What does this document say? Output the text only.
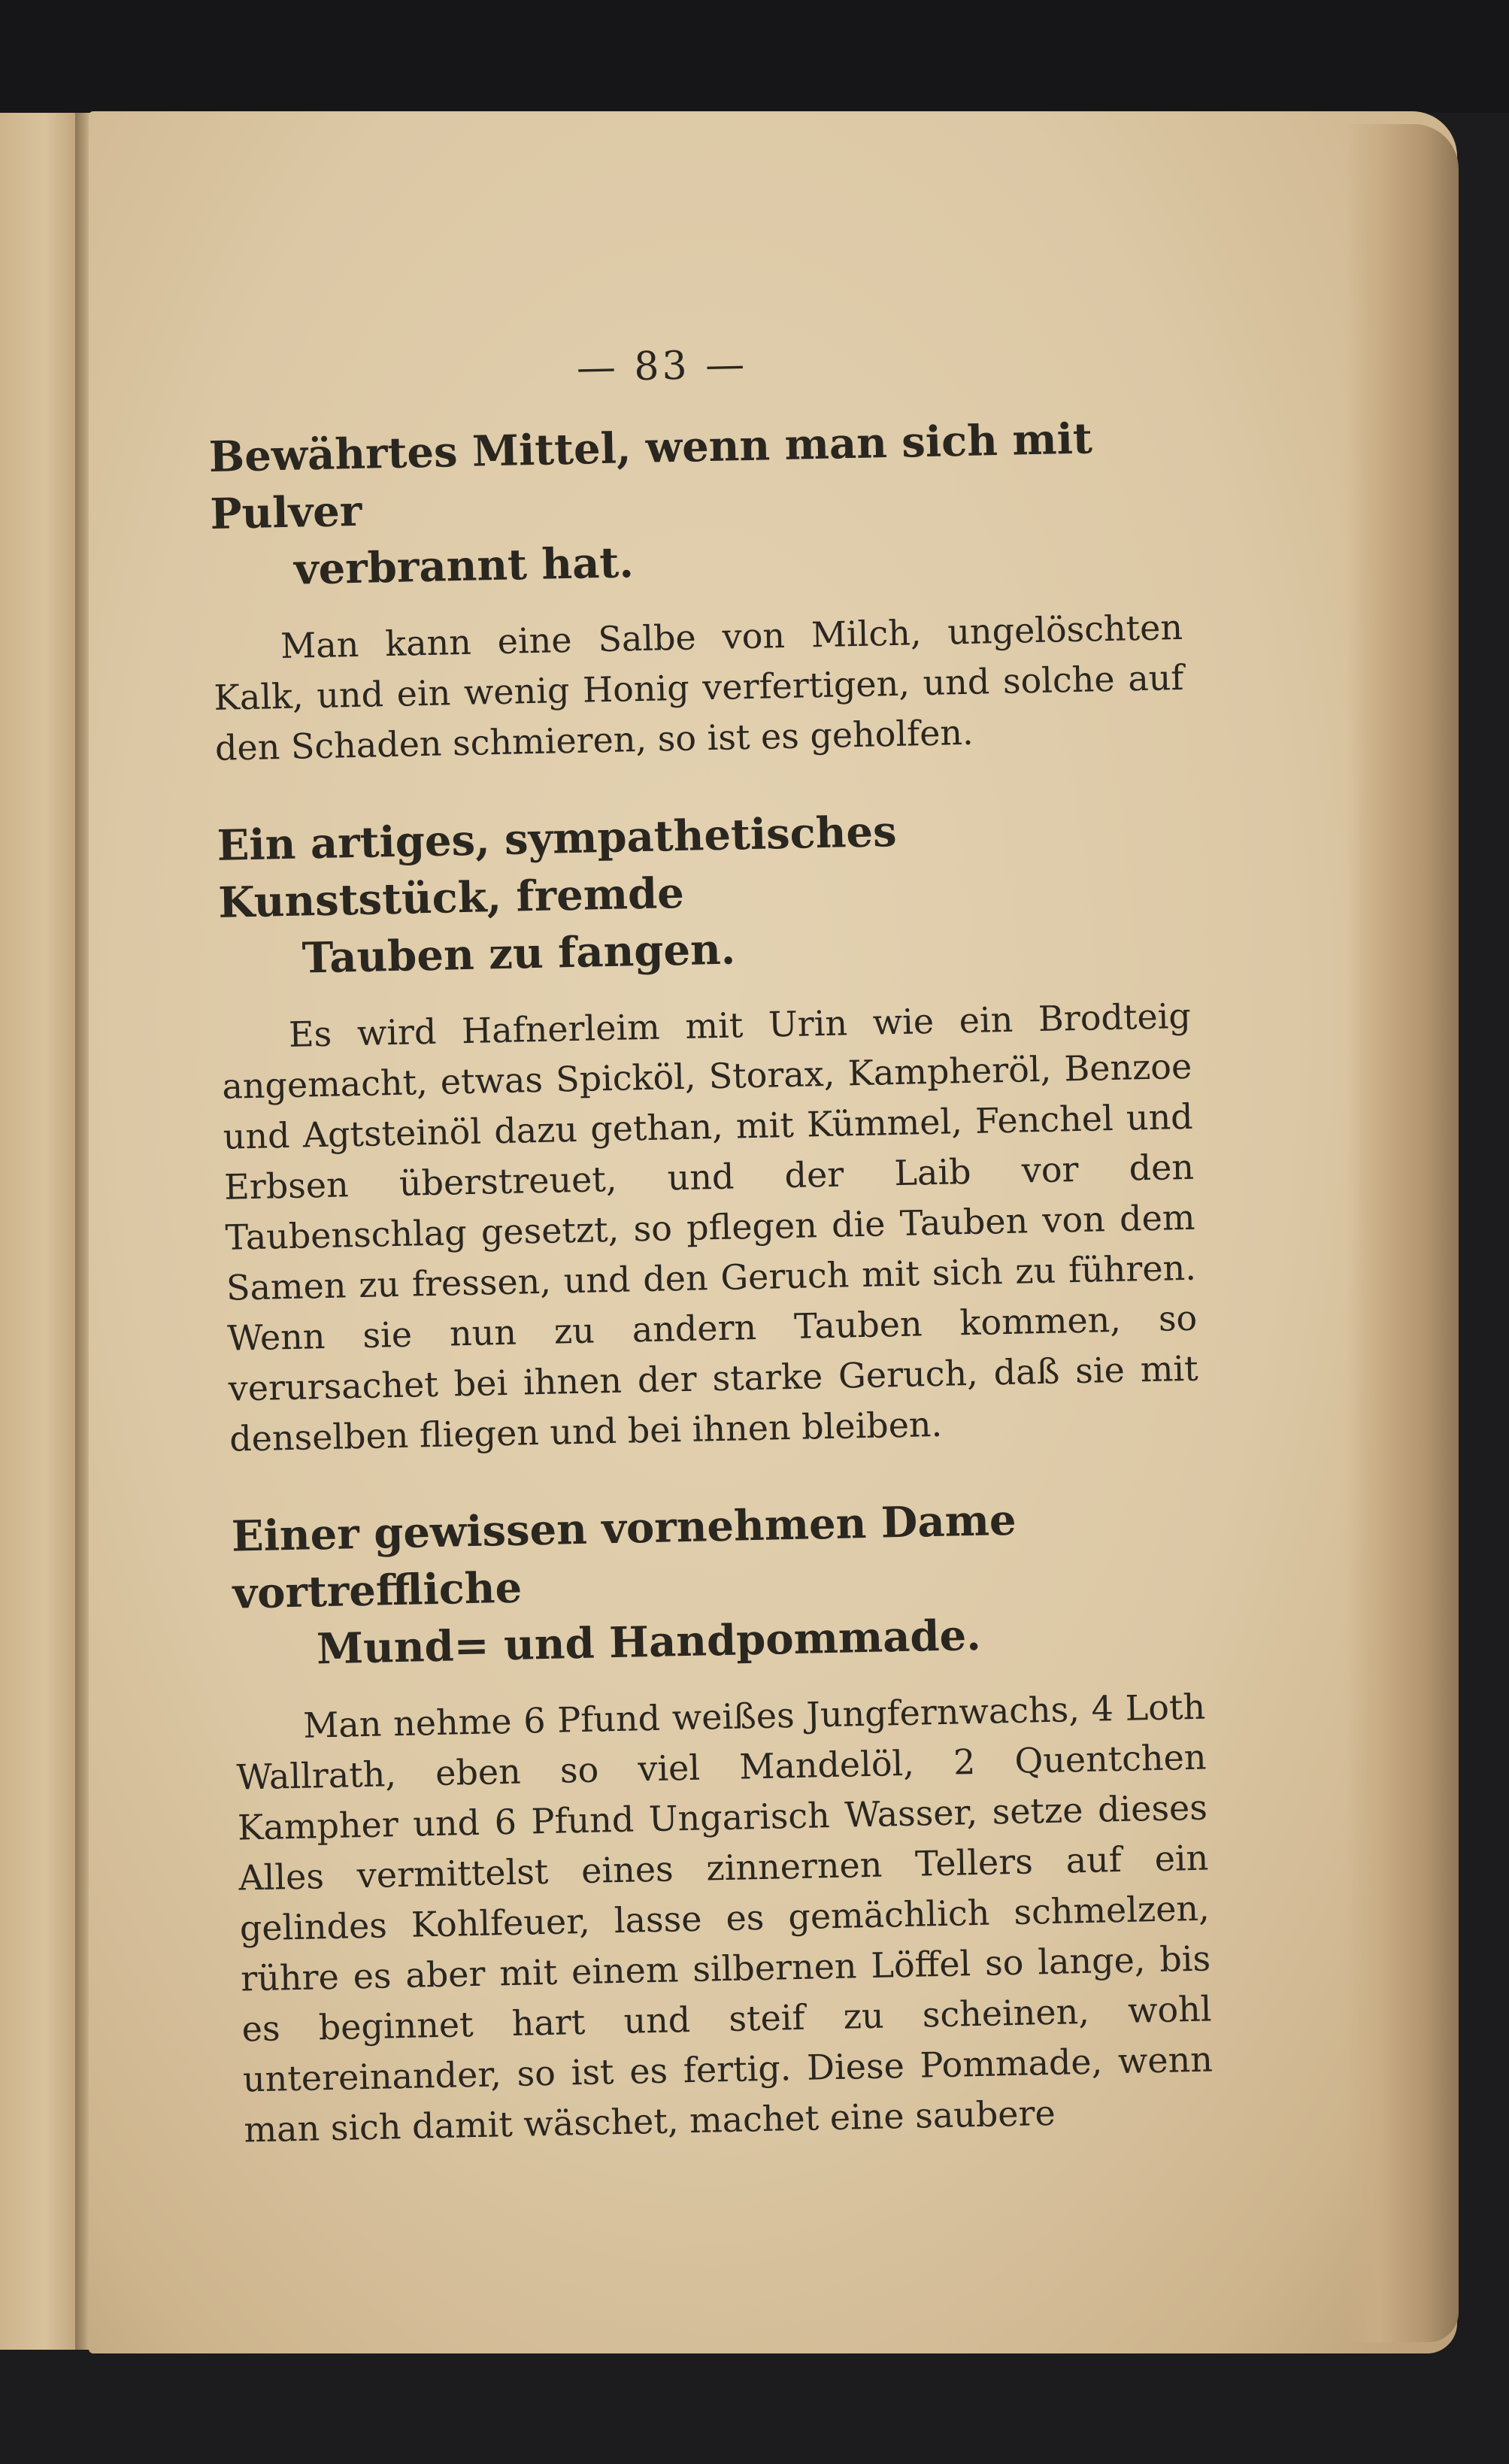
— 83 —
Bewährtes Mittel, wenn man sich mit Pulver
verbrannt hat.

Man kann eine Salbe von Milch, ungelöschten Kalk, und ein wenig Honig verfertigen, und solche auf den Schaden schmieren, so ist es geholfen.

Ein artiges, sympathetisches Kunststück, fremde
Tauben zu fangen.

Es wird Hafnerleim mit Urin wie ein Brodteig angemacht, etwas Spicköl, Storax, Kampheröl, Benzoe und Agtsteinöl dazu gethan, mit Kümmel, Fenchel und Erbsen überstreuet, und der Laib vor den Taubenschlag gesetzt, so pflegen die Tauben von dem Samen zu fressen, und den Geruch mit sich zu führen. Wenn sie nun zu andern Tauben kommen, so verursachet bei ihnen der starke Geruch, daß sie mit denselben fliegen und bei ihnen bleiben.

Einer gewissen vornehmen Dame vortreffliche
Mund= und Handpommade.

Man nehme 6 Pfund weißes Jungfernwachs, 4 Loth Wallrath, eben so viel Mandelöl, 2 Quentchen Kampher und 6 Pfund Ungarisch Wasser, setze dieses Alles vermittelst eines zinnernen Tellers auf ein gelindes Kohlfeuer, lasse es gemächlich schmelzen, rühre es aber mit einem silbernen Löffel so lange, bis es beginnet hart und steif zu scheinen, wohl untereinander, so ist es fertig. Diese Pommade, wenn man sich damit wäschet, machet eine saubere
